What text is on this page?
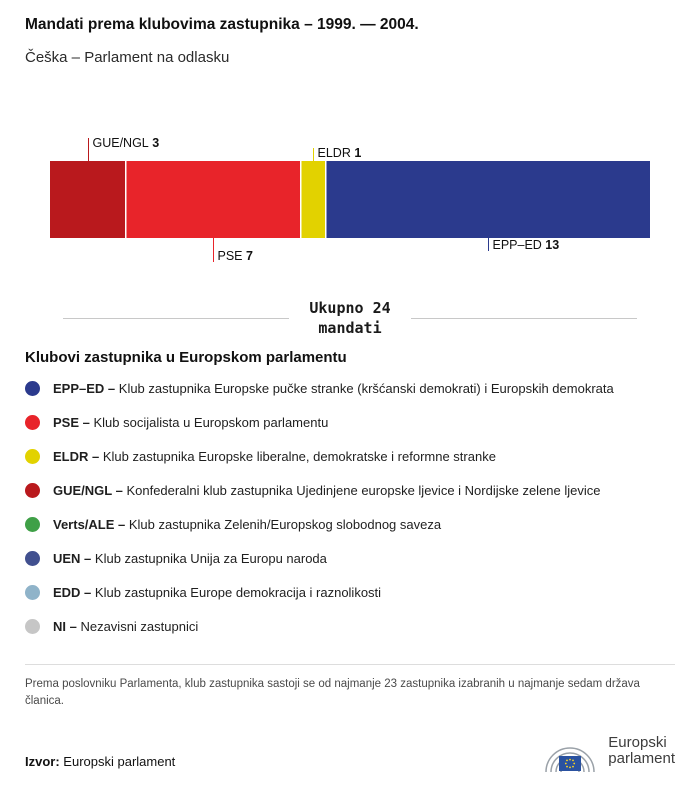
Mandati prema klubovima zastupnika – 1999. — 2004.
Češka – Parlament na odlasku
GUE/NGL 3
PSE 7
ELDR 1
EPP–ED 13
Ukupno 24
mandati
Klubovi zastupnika u Europskom parlamentu
EPP–ED – Klub zastupnika Europske pučke stranke (kršćanski demokrati) i Europskih demokrata
PSE – Klub socijalista u Europskom parlamentu
ELDR – Klub zastupnika Europske liberalne, demokratske i reformne stranke
GUE/NGL – Konfederalni klub zastupnika Ujedinjene europske ljevice i Nordijske zelene ljevice
Verts/ALE – Klub zastupnika Zelenih/Europskog slobodnog saveza
UEN – Klub zastupnika Unija za Europu naroda
EDD – Klub zastupnika Europe demokracija i raznolikosti
NI – Nezavisni zastupnici

Prema poslovniku Parlamenta, klub zastupnika sastoji se od najmanje 23 zastupnika izabranih u najmanje sedam država članica.

Izvor: Europski parlament
Europski
parlament
